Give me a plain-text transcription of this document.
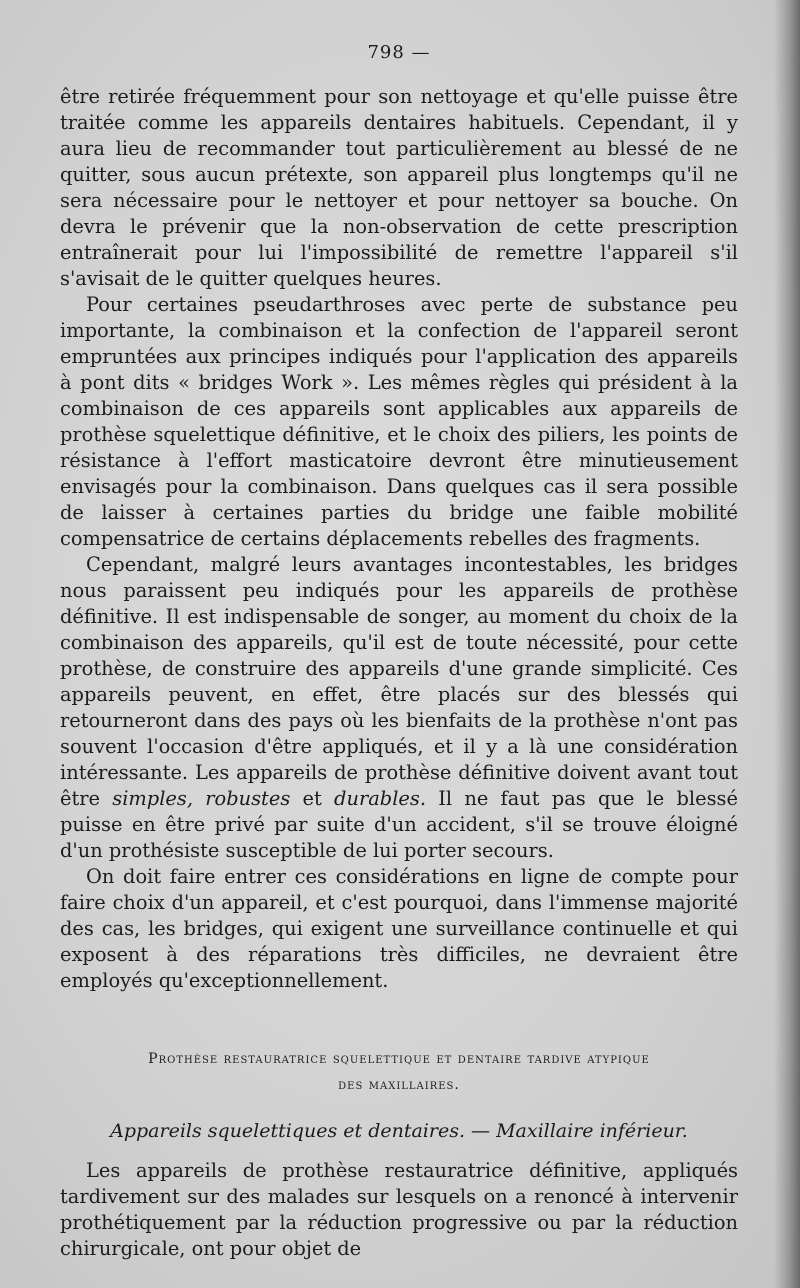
798 —

être retirée fréquemment pour son nettoyage et qu'elle puisse être traitée comme les appareils dentaires habituels. Cependant, il y aura lieu de recommander tout particulièrement au blessé de ne quitter, sous aucun prétexte, son appareil plus longtemps qu'il ne sera nécessaire pour le nettoyer et pour nettoyer sa bouche. On devra le prévenir que la non-observation de cette prescription entraînerait pour lui l'impossibilité de remettre l'appareil s'il s'avisait de le quitter quelques heures.

Pour certaines pseudarthroses avec perte de substance peu importante, la combinaison et la confection de l'appareil seront empruntées aux principes indiqués pour l'application des appareils à pont dits « bridges Work ». Les mêmes règles qui président à la combinaison de ces appareils sont applicables aux appareils de prothèse squelettique définitive, et le choix des piliers, les points de résistance à l'effort masticatoire devront être minutieusement envisagés pour la combinaison. Dans quelques cas il sera possible de laisser à certaines parties du bridge une faible mobilité compensatrice de certains déplacements rebelles des fragments.

Cependant, malgré leurs avantages incontestables, les bridges nous paraissent peu indiqués pour les appareils de prothèse définitive. Il est indispensable de songer, au moment du choix de la combinaison des appareils, qu'il est de toute nécessité, pour cette prothèse, de construire des appareils d'une grande simplicité. Ces appareils peuvent, en effet, être placés sur des blessés qui retourneront dans des pays où les bienfaits de la prothèse n'ont pas souvent l'occasion d'être appliqués, et il y a là une considération intéressante. Les appareils de prothèse définitive doivent avant tout être simples, robustes et durables. Il ne faut pas que le blessé puisse en être privé par suite d'un accident, s'il se trouve éloigné d'un prothésiste susceptible de lui porter secours.

On doit faire entrer ces considérations en ligne de compte pour faire choix d'un appareil, et c'est pourquoi, dans l'immense majorité des cas, les bridges, qui exigent une surveillance continuelle et qui exposent à des réparations très difficiles, ne devraient être employés qu'exceptionnellement.

Prothèse restauratrice squelettique et dentaire tardive atypique
des maxillaires.
Appareils squelettiques et dentaires. — Maxillaire inférieur.

Les appareils de prothèse restauratrice définitive, appliqués tardivement sur des malades sur lesquels on a renoncé à intervenir prothétiquement par la réduction progressive ou par la réduction chirurgicale, ont pour objet de
